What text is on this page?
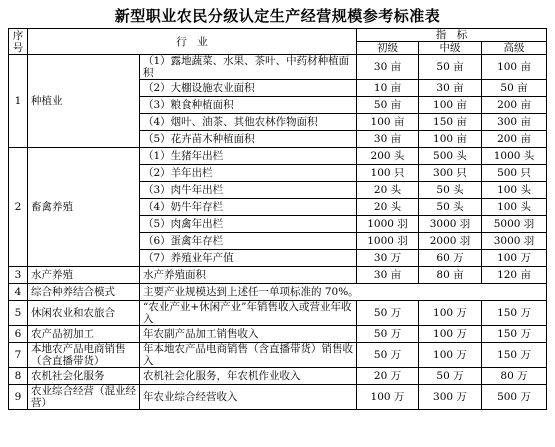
新型职业农民分级认定生产经营规模参考标准表
序号	行　业		指　标		
			初级	中级	高级
1	种植业	（1）露地蔬菜、水果、茶叶、中药材种植面积	30 亩	50 亩	100 亩
		（2）大棚设施农业面积	10 亩	30 亩	50 亩
		（3）粮食种植面积	50 亩	100 亩	200 亩
		（4）烟叶、油茶、其他农林作物面积	100 亩	150 亩	300 亩
		（5）花卉苗木种植面积	30 亩	100 亩	200 亩
2	畜禽养殖	（1）生猪年出栏	200 头	500 头	1000 头
		（2）羊年出栏	100 只	300 只	500 只
		（3）肉牛年出栏	20 头	50 头	100 头
		（4）奶牛年存栏	20 头	50 头	100 头
		（5）肉禽年出栏	1000 羽	3000 羽	5000 羽
		（6）蛋禽年存栏	1000 羽	2000 羽	3000 羽
		（7）养殖业年产值	30 万	60 万	100 万
3	水产养殖	水产养殖面积	30 亩	80 亩	120 亩
4	综合种养结合模式	主要产业规模达到上述任一单项标准的 70%。			
5	休闲农业和农旅合	“农业产业+休闲产业”年销售收入或营业年收入	50 万	100 万	150 万
6	农产品初加工	年农副产品加工销售收入	50 万	100 万	150 万
7	本地农产品电商销售（含直播带货）	年本地农产品电商销售（含直播带货）销售收入	50 万	100 万	150 万
8	农机社会化服务	农机社会化服务，年农机作业收入	20 万	50 万	80 万
9	农业综合经营（混业经营）	年农业综合经营收入	100 万	300 万	500 万
